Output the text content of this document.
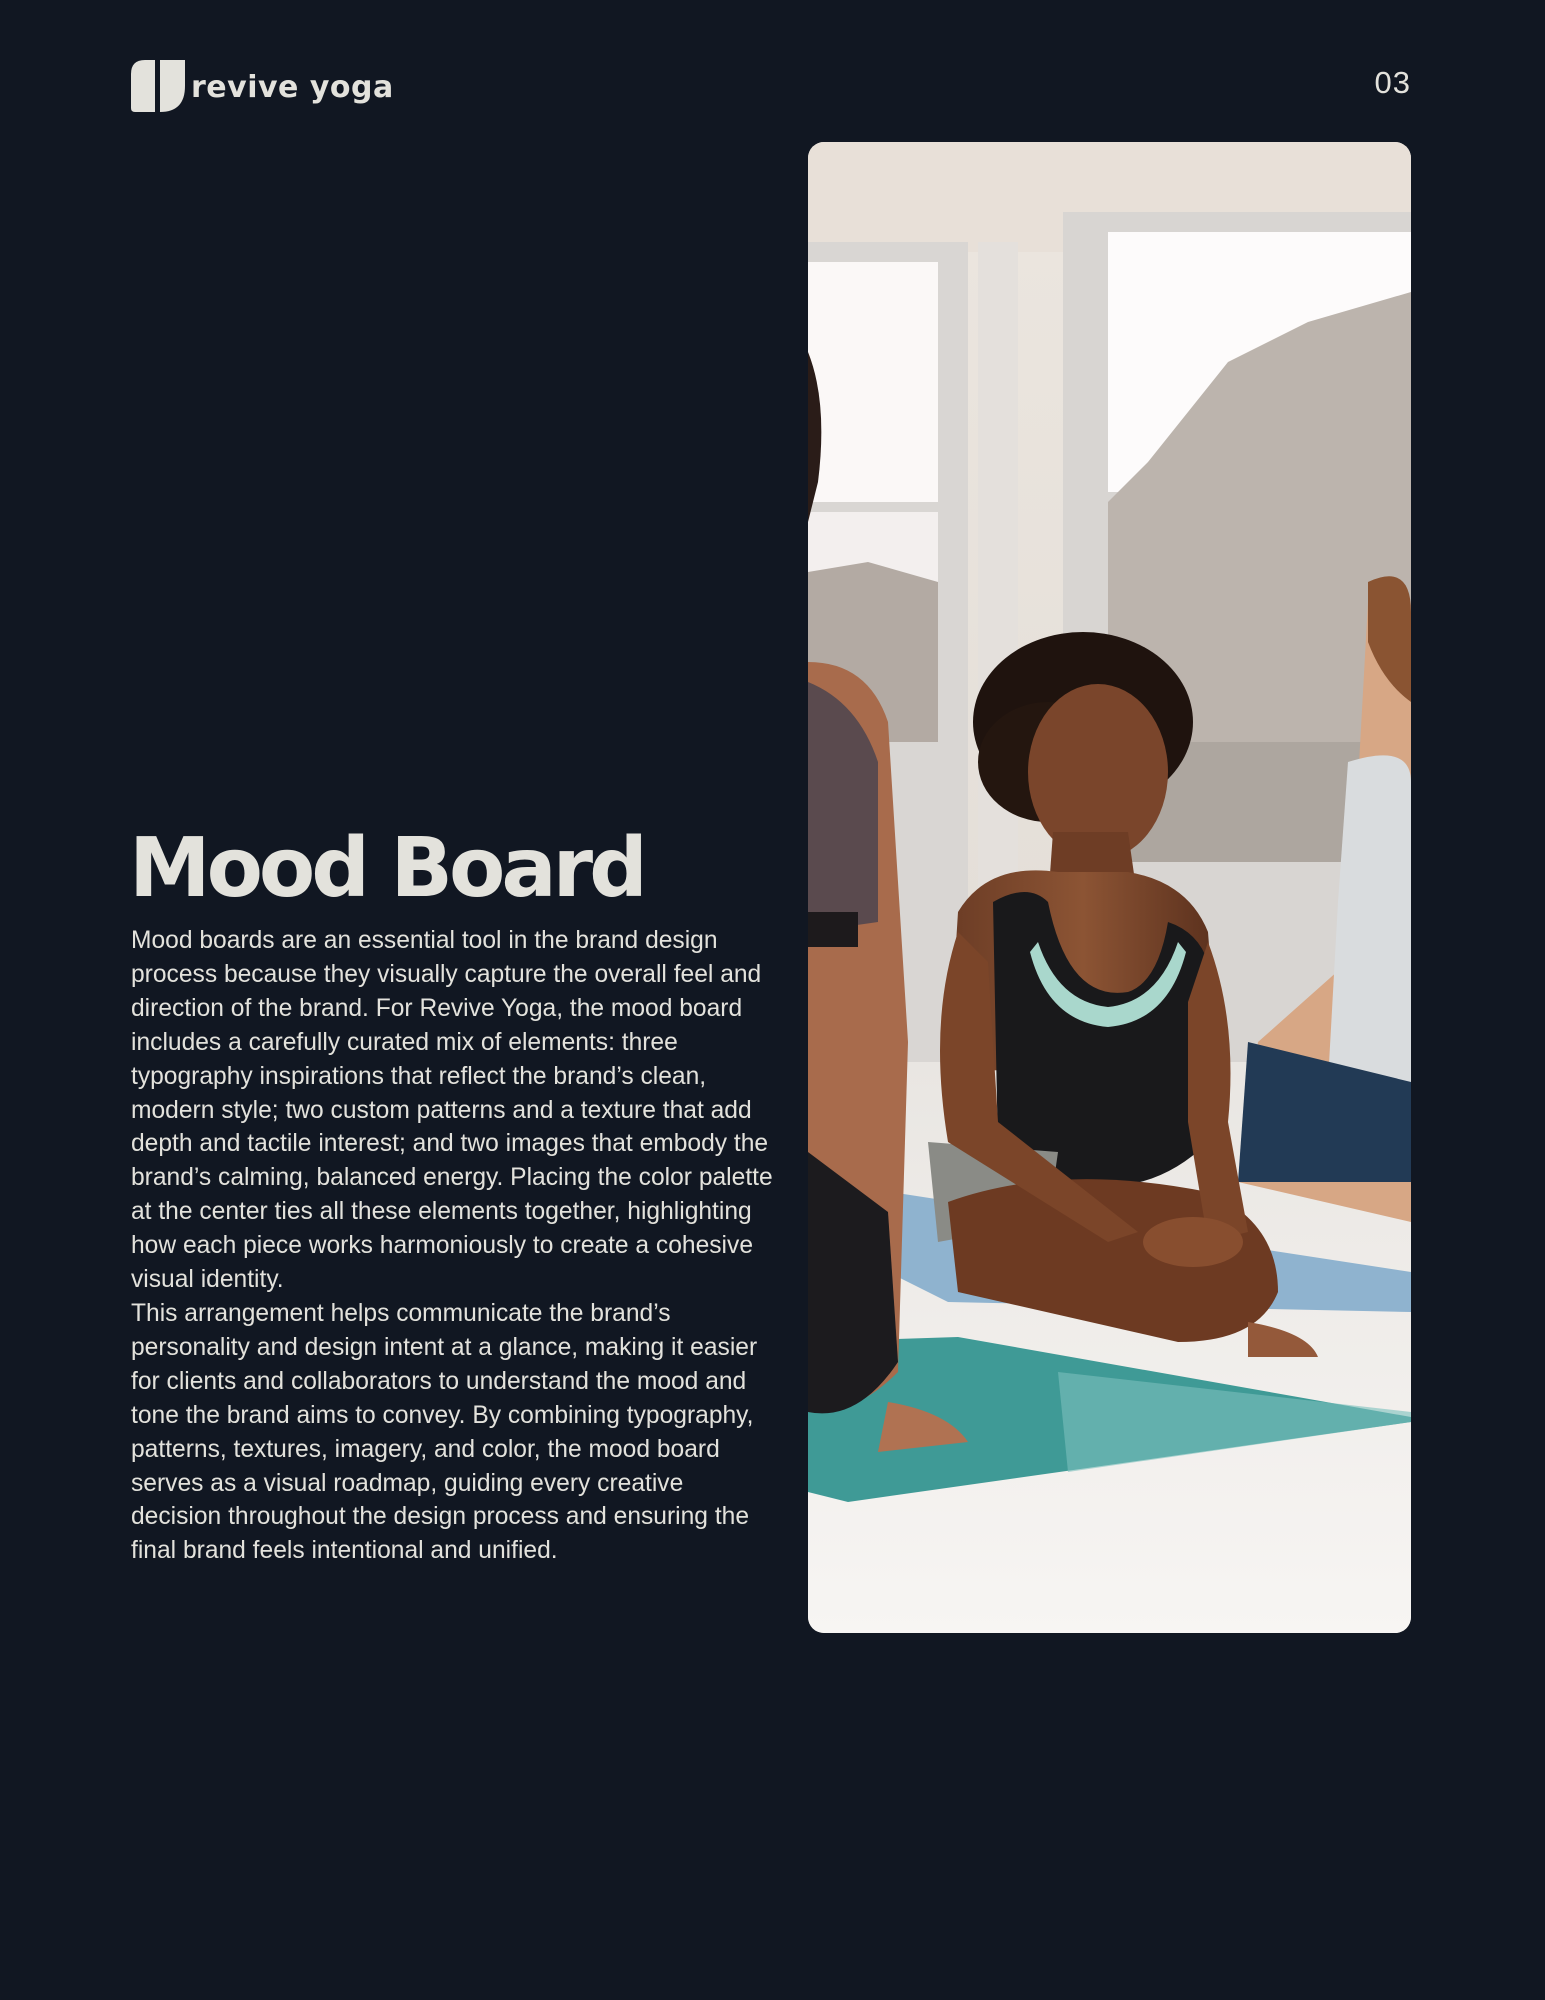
revive yoga	03
Mood Board

Mood boards are an essential tool in the brand design process because they visually capture the overall feel and direction of the brand. For Revive Yoga, the mood board includes a carefully curated mix of elements: three typography inspirations that reflect the brand’s clean, modern style; two custom patterns and a texture that add depth and tactile interest; and two images that embody the brand’s calming, balanced energy. Placing the color palette at the center ties all these elements together, highlighting how each piece works harmoniously to create a cohesive visual identity.

This arrangement helps communicate the brand’s personality and design intent at a glance, making it easier for clients and collaborators to understand the mood and tone the brand aims to convey. By combining typography, patterns, textures, imagery, and color, the mood board serves as a visual roadmap, guiding every creative decision throughout the design process and ensuring the final brand feels intentional and unified.
